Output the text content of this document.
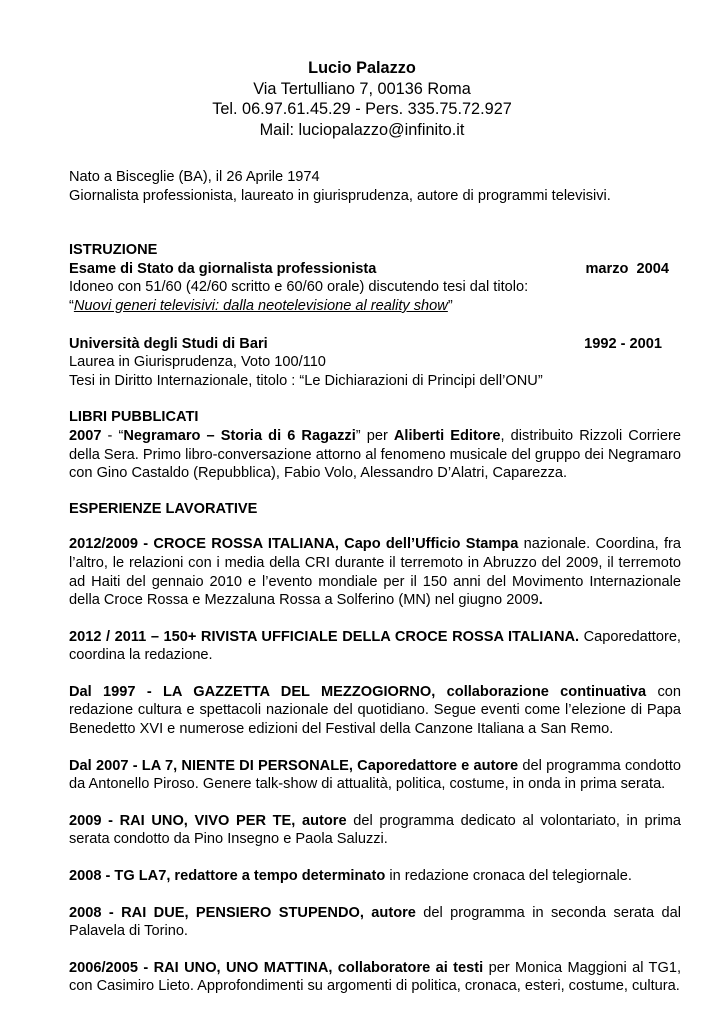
Lucio Palazzo
Via Tertulliano 7, 00136 Roma
Tel. 06.97.61.45.29 - Pers. 335.75.72.927
Mail: luciopalazzo@infinito.it

Nato a Bisceglie (BA), il 26 Aprile 1974

Giornalista professionista, laureato in giurisprudenza, autore di programmi televisivi.

ISTRUZIONE

Esame di Stato da giornalista professionista	marzo  2004

Idoneo con 51/60 (42/60 scritto e 60/60 orale) discutendo tesi dal titolo:

“Nuovi generi televisivi: dalla neotelevisione al reality show”

Università degli Studi di Bari	1992 - 2001

Laurea in Giurisprudenza, Voto 100/110

Tesi in Diritto Internazionale, titolo : “Le Dichiarazioni di Principi dell’ONU”

LIBRI PUBBLICATI

2007 - “Negramaro – Storia di 6 Ragazzi” per Aliberti Editore, distribuito Rizzoli Corriere della Sera. Primo libro-conversazione attorno al fenomeno musicale del gruppo dei Negramaro con Gino Castaldo (Repubblica), Fabio Volo, Alessandro D’Alatri, Caparezza.

ESPERIENZE LAVORATIVE

2012/2009 - CROCE ROSSA ITALIANA, Capo dell’Ufficio Stampa nazionale. Coordina, fra l’altro, le relazioni con i media della CRI durante il terremoto in Abruzzo del 2009, il terremoto ad Haiti del gennaio 2010 e l’evento mondiale per il 150 anni del Movimento Internazionale della Croce Rossa e Mezzaluna Rossa a Solferino (MN) nel giugno 2009.

2012 / 2011 – 150+ RIVISTA UFFICIALE DELLA CROCE ROSSA ITALIANA. Caporedattore, coordina la redazione.

Dal 1997 - LA GAZZETTA DEL MEZZOGIORNO, collaborazione continuativa con redazione cultura e spettacoli nazionale del quotidiano. Segue eventi come l’elezione di Papa Benedetto XVI e numerose edizioni del Festival della Canzone Italiana a San Remo.

Dal 2007 - LA 7, NIENTE DI PERSONALE, Caporedattore e autore del programma condotto da Antonello Piroso. Genere talk-show di attualità, politica, costume, in onda in prima serata.

2009 - RAI UNO, VIVO PER TE, autore del programma dedicato al volontariato, in prima serata condotto da Pino Insegno e Paola Saluzzi.

2008 - TG LA7, redattore a tempo determinato in redazione cronaca del telegiornale.

2008 - RAI DUE, PENSIERO STUPENDO, autore del programma in seconda serata dal Palavela di Torino.

2006/2005 - RAI UNO, UNO MATTINA, collaboratore ai testi per Monica Maggioni al TG1, con Casimiro Lieto. Approfondimenti su argomenti di politica, cronaca, esteri, costume, cultura.
